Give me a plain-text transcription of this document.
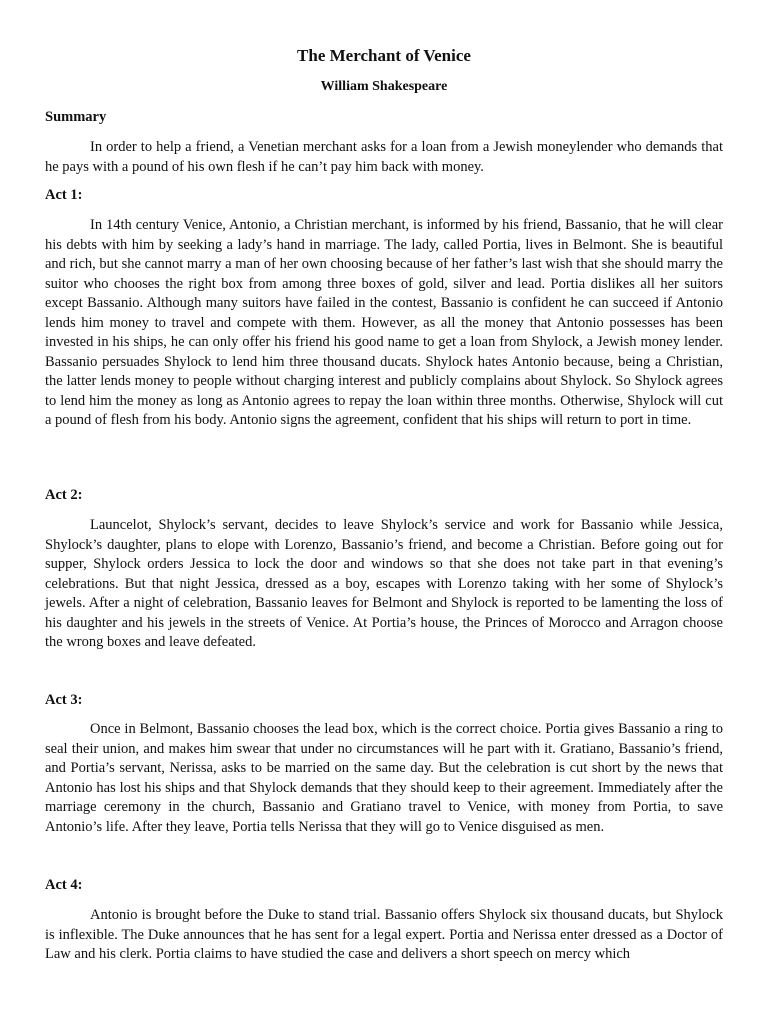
The Merchant of Venice
William Shakespeare
Summary

In order to help a friend, a Venetian merchant asks for a loan from a Jewish moneylender who demands that he pays with a pound of his own flesh if he can’t pay him back with money.

Act 1:

In 14th century Venice, Antonio, a Christian merchant, is informed by his friend, Bassanio, that he will clear his debts with him by seeking a lady’s hand in marriage. The lady, called Portia, lives in Belmont. She is beautiful and rich, but she cannot marry a man of her own choosing because of her father’s last wish that she should marry the suitor who chooses the right box from among three boxes of gold, silver and lead. Portia dislikes all her suitors except Bassanio. Although many suitors have failed in the contest, Bassanio is confident he can succeed if Antonio lends him money to travel and compete with them. However, as all the money that Antonio possesses has been invested in his ships, he can only offer his friend his good name to get a loan from Shylock, a Jewish money lender. Bassanio persuades Shylock to lend him three thousand ducats. Shylock hates Antonio because, being a Christian, the latter lends money to people without charging interest and publicly complains about Shylock. So Shylock agrees to lend him the money as long as Antonio agrees to repay the loan within three months. Otherwise, Shylock will cut a pound of flesh from his body. Antonio signs the agreement, confident that his ships will return to port in time.

Act 2:

Launcelot, Shylock’s servant, decides to leave Shylock’s service and work for Bassanio while Jessica, Shylock’s daughter, plans to elope with Lorenzo, Bassanio’s friend, and become a Christian. Before going out for supper, Shylock orders Jessica to lock the door and windows so that she does not take part in that evening’s celebrations. But that night Jessica, dressed as a boy, escapes with Lorenzo taking with her some of Shylock’s jewels. After a night of celebration, Bassanio leaves for Belmont and Shylock is reported to be lamenting the loss of his daughter and his jewels in the streets of Venice. At Portia’s house, the Princes of Morocco and Arragon choose the wrong boxes and leave defeated.

Act 3:

Once in Belmont, Bassanio chooses the lead box, which is the correct choice. Portia gives Bassanio a ring to seal their union, and makes him swear that under no circumstances will he part with it. Gratiano, Bassanio’s friend, and Portia’s servant, Nerissa, asks to be married on the same day. But the celebration is cut short by the news that Antonio has lost his ships and that Shylock demands that they should keep to their agreement. Immediately after the marriage ceremony in the church, Bassanio and Gratiano travel to Venice, with money from Portia, to save Antonio’s life. After they leave, Portia tells Nerissa that they will go to Venice disguised as men.

Act 4:

Antonio is brought before the Duke to stand trial. Bassanio offers Shylock six thousand ducats, but Shylock is inflexible. The Duke announces that he has sent for a legal expert. Portia and Nerissa enter dressed as a Doctor of Law and his clerk. Portia claims to have studied the case and delivers a short speech on mercy which
